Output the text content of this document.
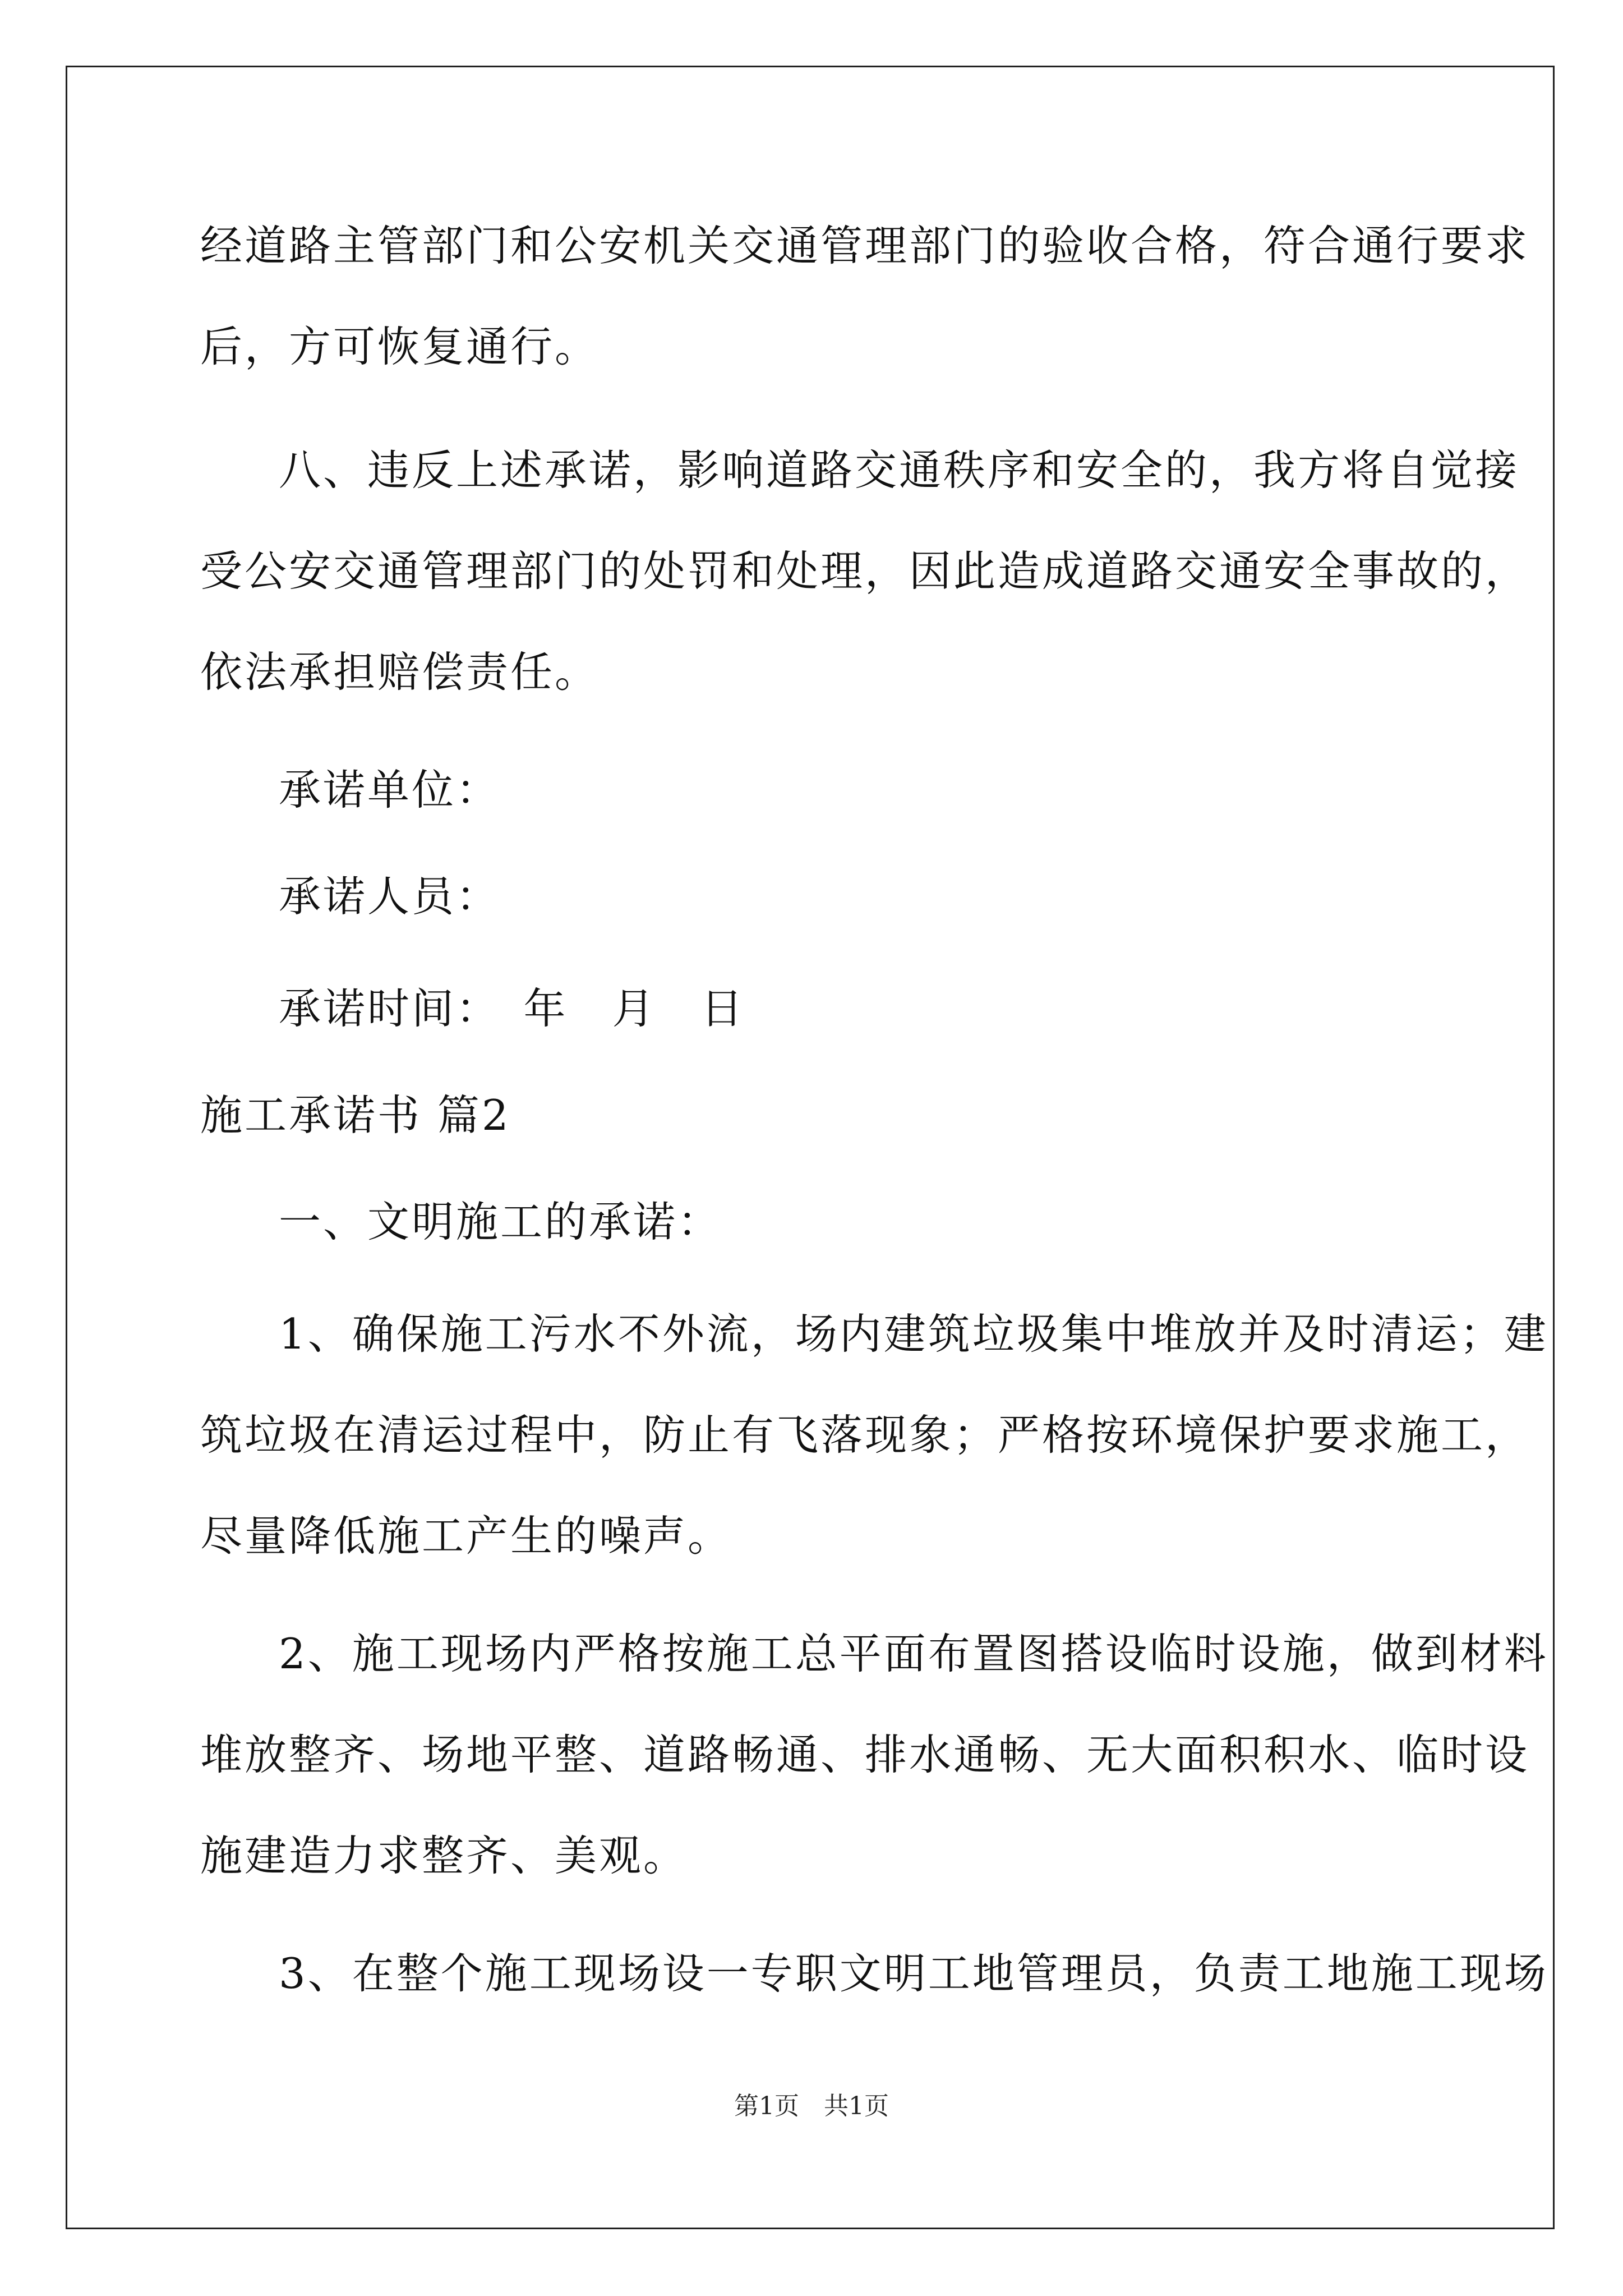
经道路主管部门和公安机关交通管理部门的验收合格，符合通行要求
后，方可恢复通行。
八、违反上述承诺，影响道路交通秩序和安全的，我方将自觉接
受公安交通管理部门的处罚和处理，因此造成道路交通安全事故的，
依法承担赔偿责任。
承诺单位：
承诺人员：
承诺时间：　年　月　日
施工承诺书 篇2
一、文明施工的承诺：
1、确保施工污水不外流，场内建筑垃圾集中堆放并及时清运；建
筑垃圾在清运过程中，防止有飞落现象；严格按环境保护要求施工，
尽量降低施工产生的噪声。
2、施工现场内严格按施工总平面布置图搭设临时设施，做到材料
堆放整齐、场地平整、道路畅通、排水通畅、无大面积积水、临时设
施建造力求整齐、美观。
3、在整个施工现场设一专职文明工地管理员，负责工地施工现场
第1页　共1页
